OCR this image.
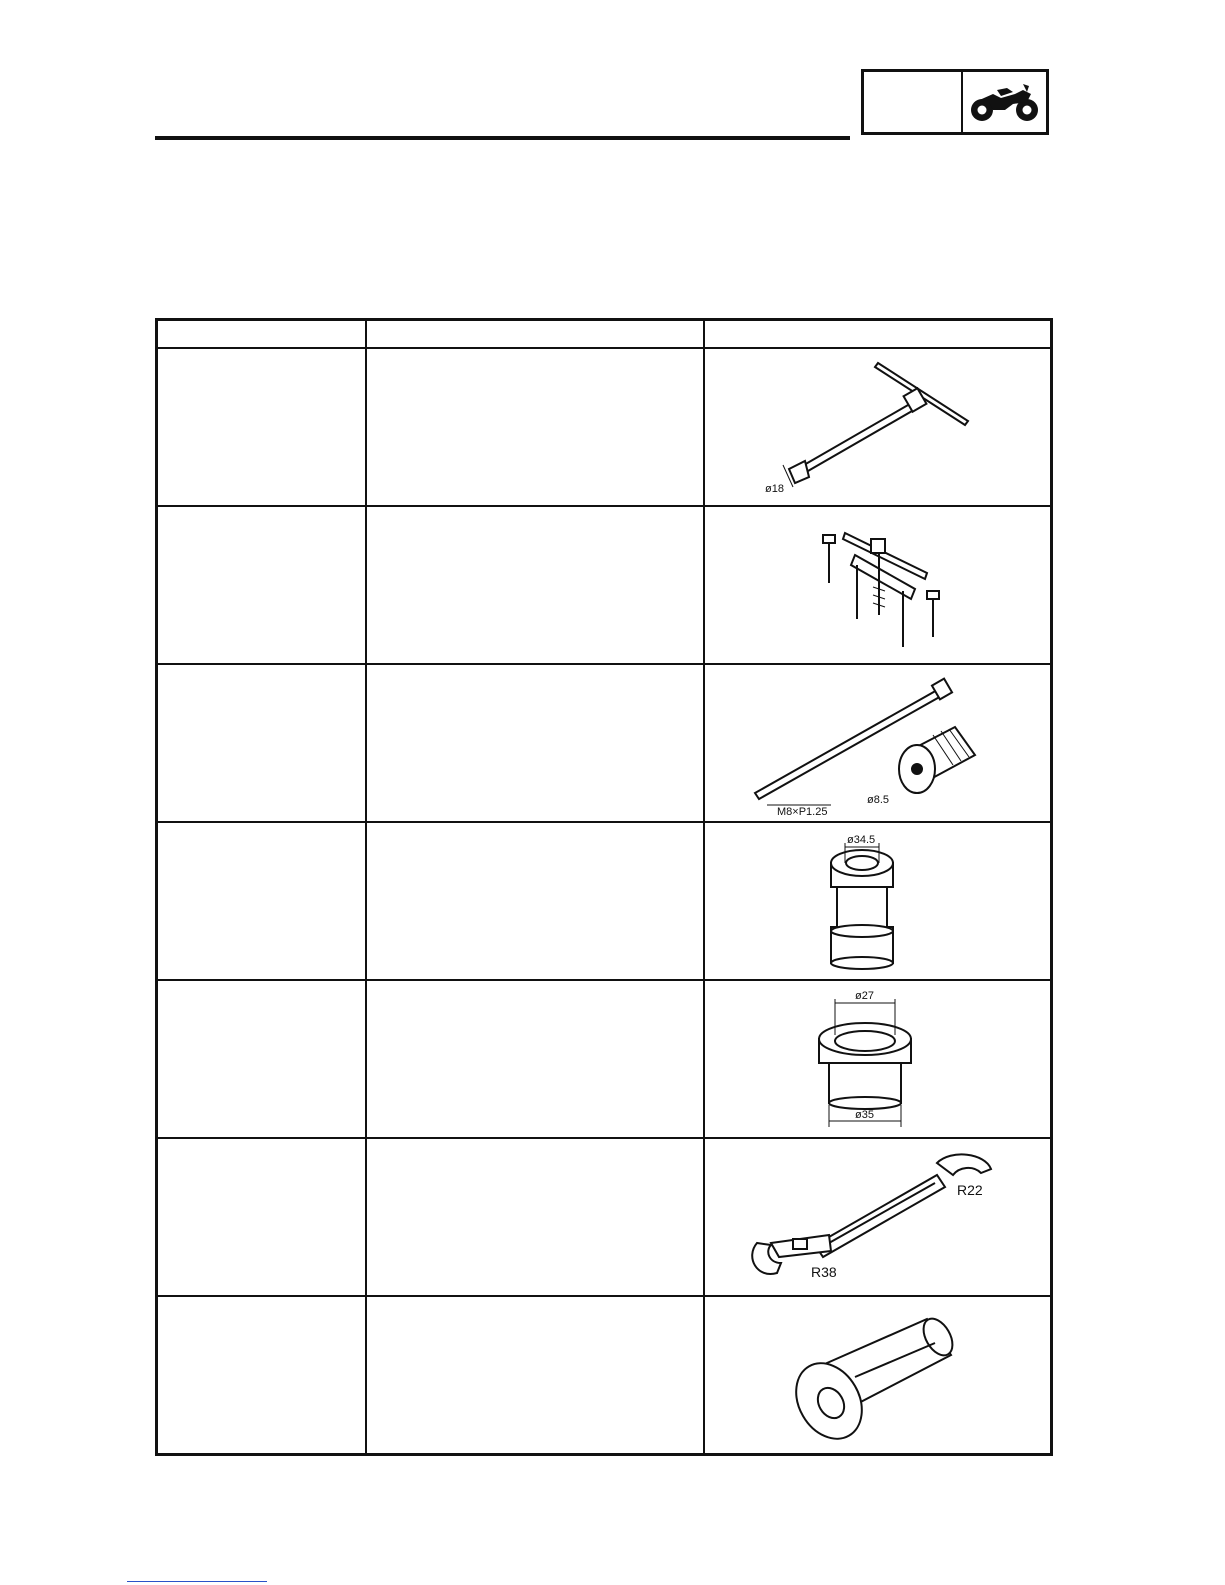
ø18

M8×P1.25
ø8.5

ø34.5

ø27
ø35

R22
R38
